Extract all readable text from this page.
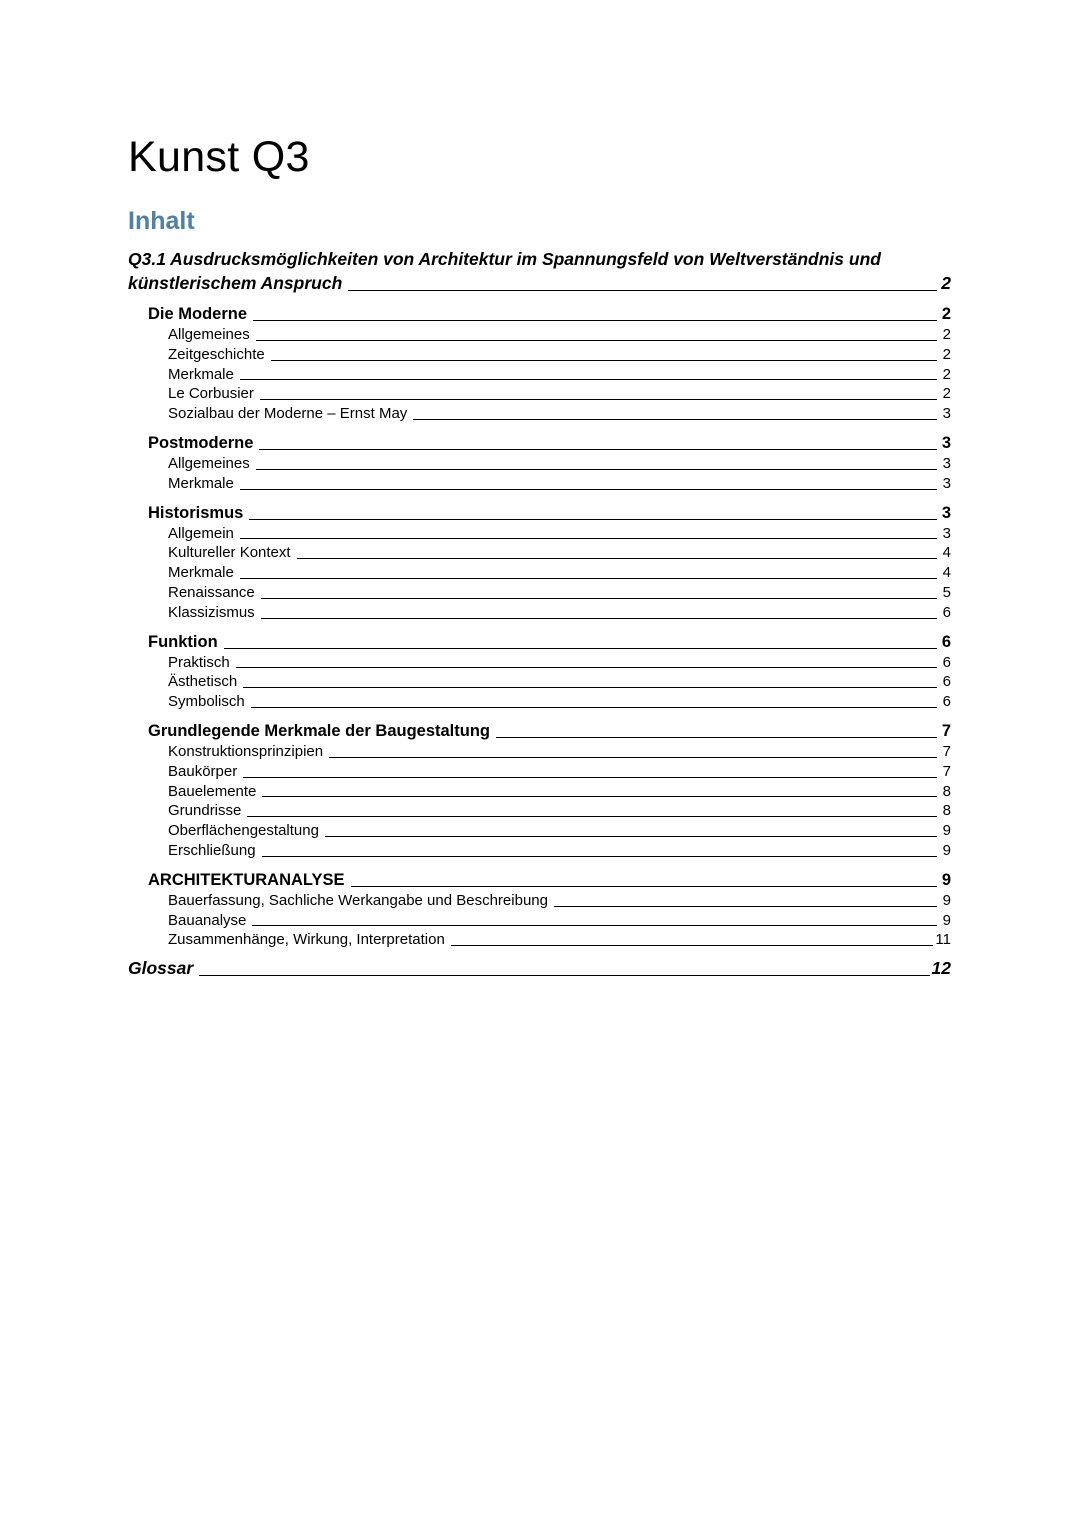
Kunst Q3
Inhalt
Q3.1 Ausdrucksmöglichkeiten von Architektur im Spannungsfeld von Weltverständnis und
künstlerischem Anspruch	2
Die Moderne	2
Allgemeines	2
Zeitgeschichte	2
Merkmale	2
Le Corbusier	2
Sozialbau der Moderne – Ernst May	3
Postmoderne	3
Allgemeines	3
Merkmale	3
Historismus	3
Allgemein	3
Kultureller Kontext	4
Merkmale	4
Renaissance	5
Klassizismus	6
Funktion	6
Praktisch	6
Ästhetisch	6
Symbolisch	6
Grundlegende Merkmale der Baugestaltung	7
Konstruktionsprinzipien	7
Baukörper	7
Bauelemente	8
Grundrisse	8
Oberflächengestaltung	9
Erschließung	9
ARCHITEKTURANALYSE	9
Bauerfassung, Sachliche Werkangabe und Beschreibung	9
Bauanalyse	9
Zusammenhänge, Wirkung, Interpretation	11
Glossar	12
